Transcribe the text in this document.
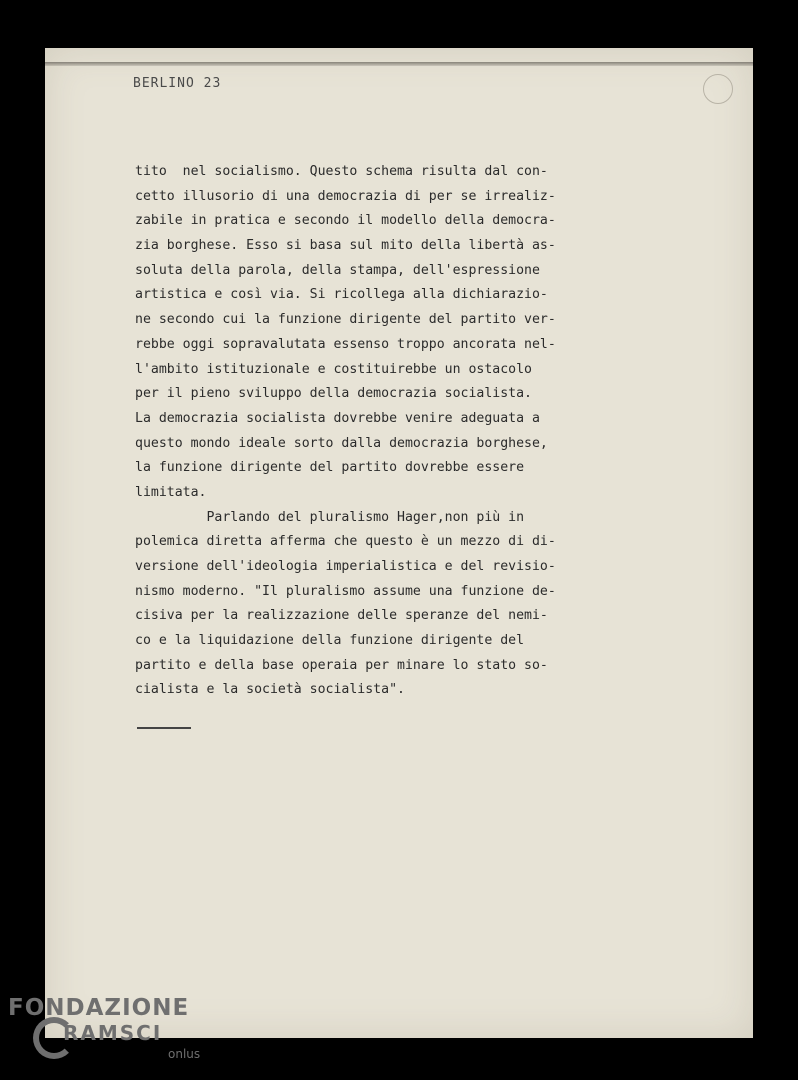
BERLINO 23
tito  nel socialismo. Questo schema risulta dal con-
cetto illusorio di una democrazia di per se irrealiz-
zabile in pratica e secondo il modello della democra-
zia borghese. Esso si basa sul mito della libertà as-
soluta della parola, della stampa, dell'espressione
artistica e così via. Si ricollega alla dichiarazio-
ne secondo cui la funzione dirigente del partito ver-
rebbe oggi sopravalutata essenso troppo ancorata nel-
l'ambito istituzionale e costituirebbe un ostacolo
per il pieno sviluppo della democrazia socialista.
La democrazia socialista dovrebbe venire adeguata a
questo mondo ideale sorto dalla democrazia borghese,
la funzione dirigente del partito dovrebbe essere
limitata.
Parlando del pluralismo Hager,non più in
polemica diretta afferma che questo è un mezzo di di-
versione dell'ideologia imperialistica e del revisio-
nismo moderno. "Il pluralismo assume una funzione de-
cisiva per la realizzazione delle speranze del nemi-
co e la liquidazione della funzione dirigente del
partito e della base operaia per minare lo stato so-
cialista e la società socialista".
FONDAZIONE
RAMSCI
onlus
